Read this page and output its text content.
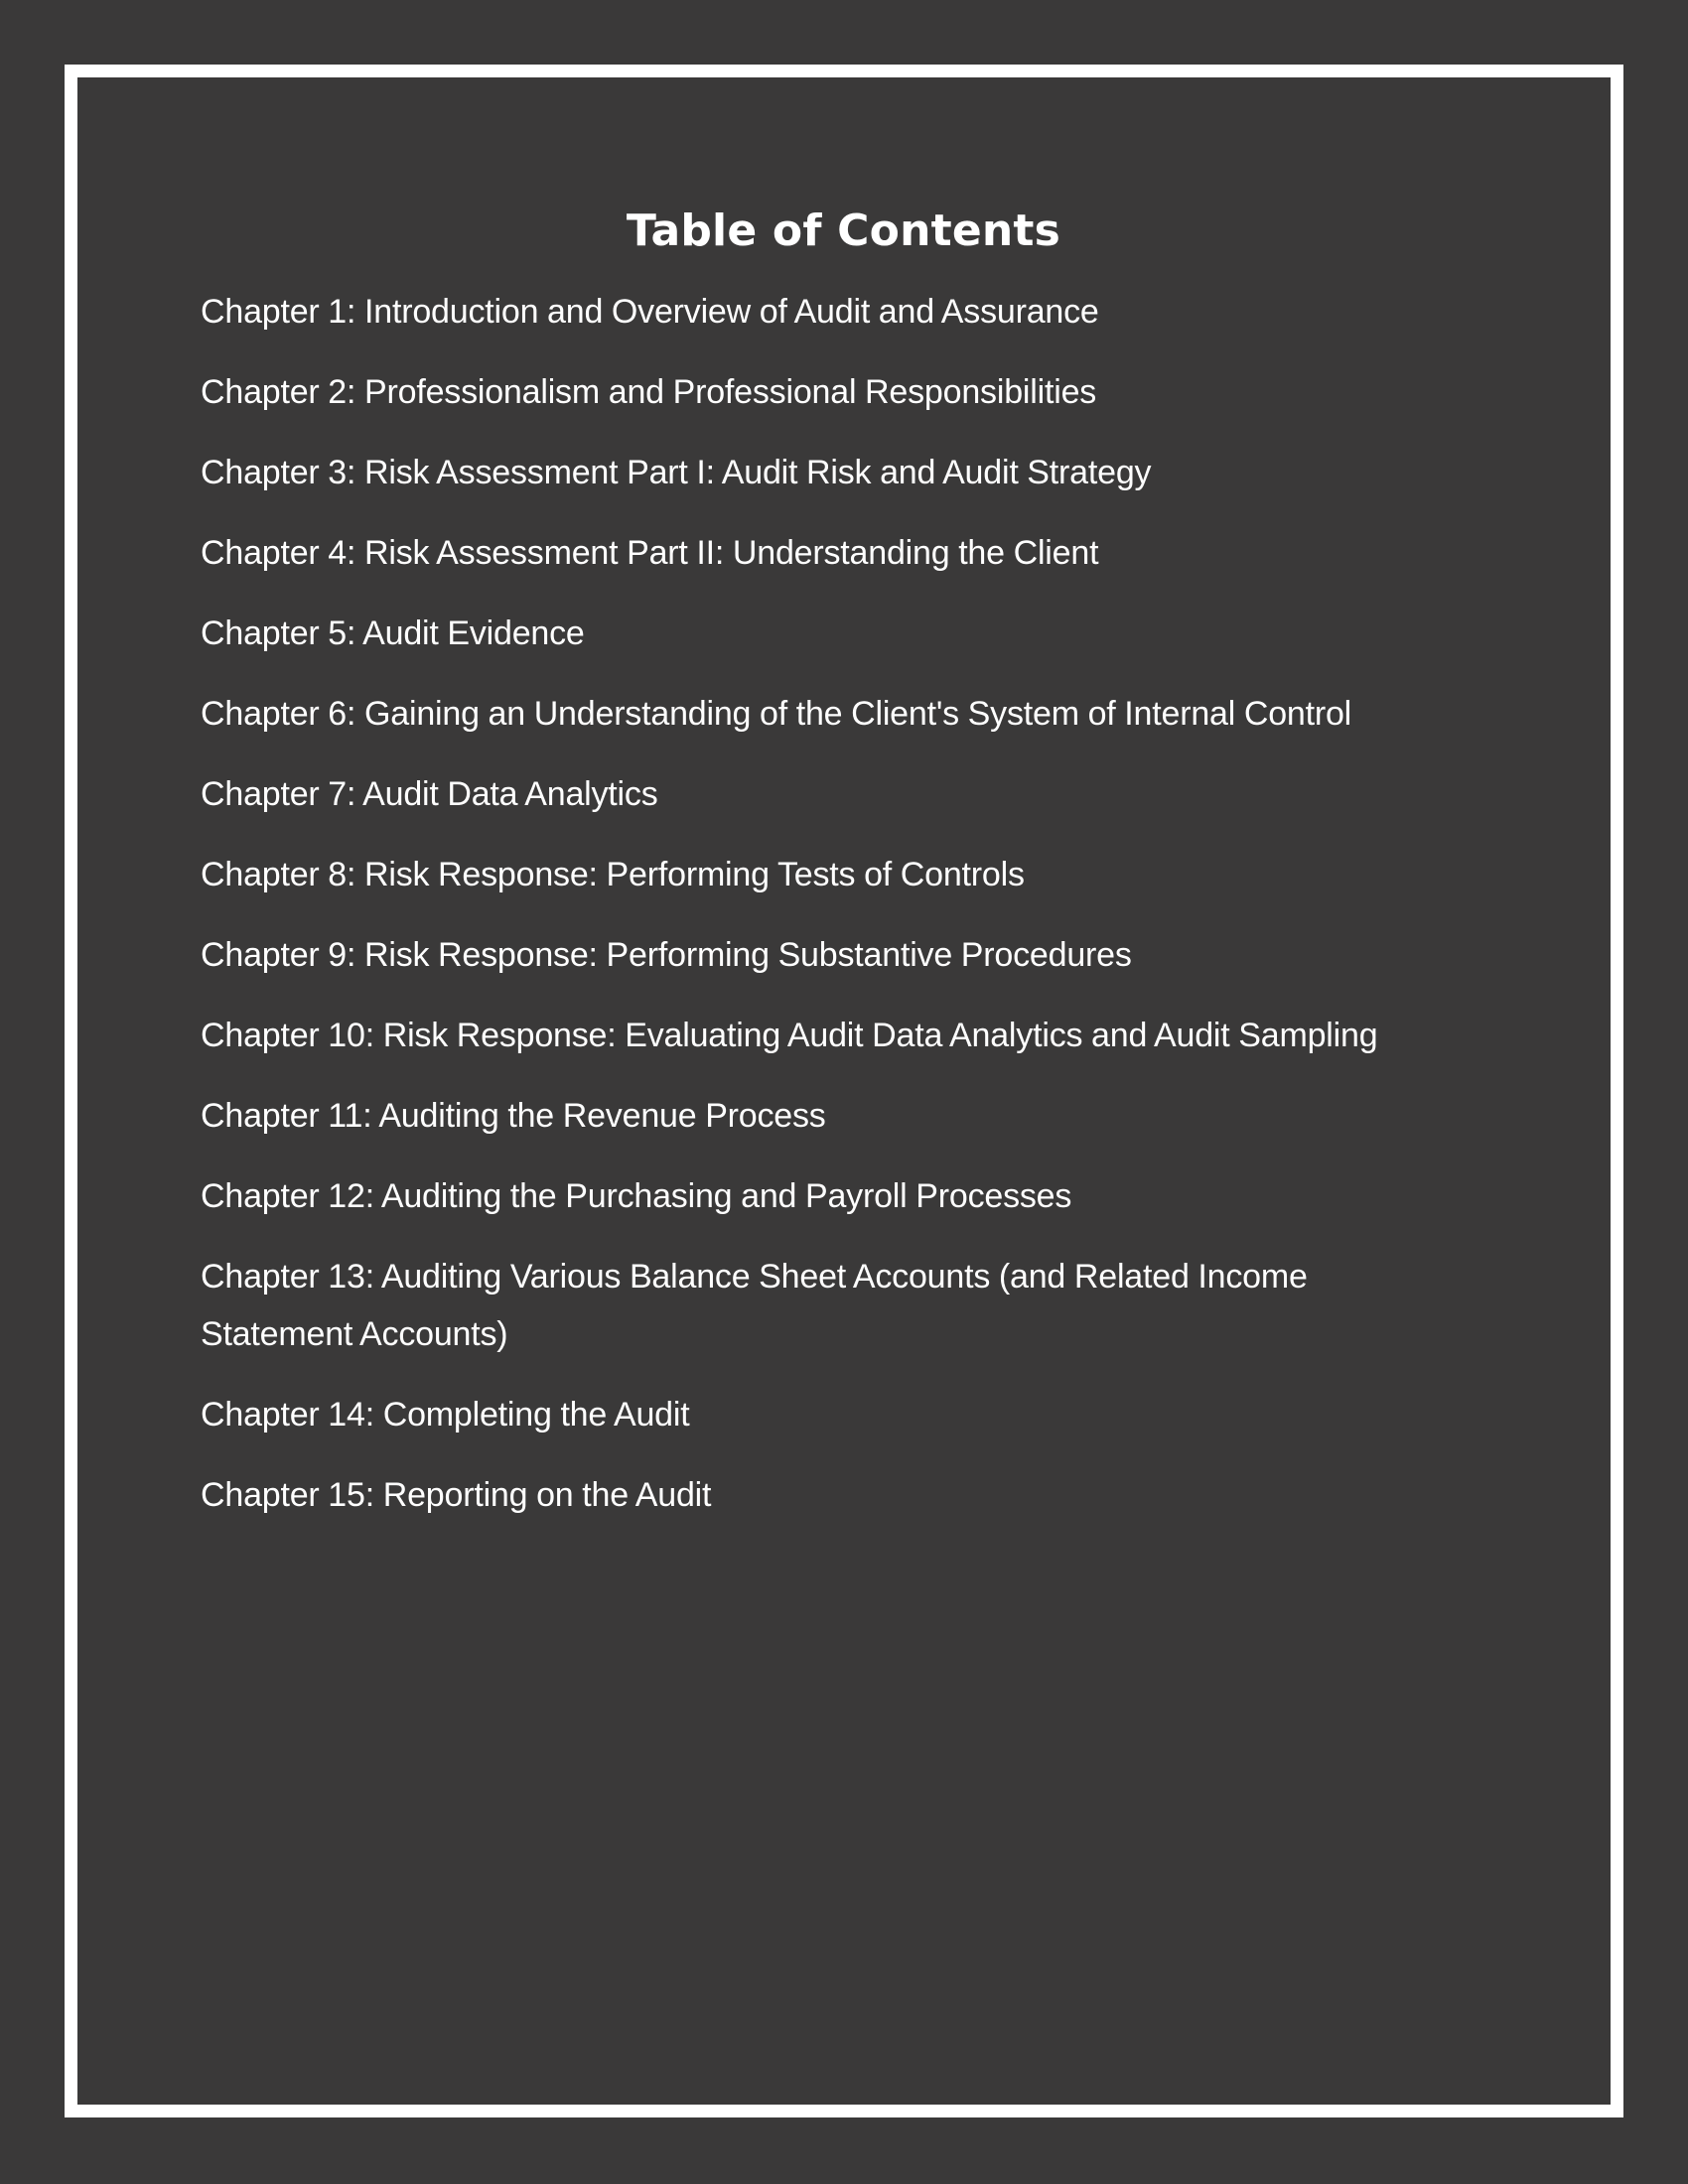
Table of Contents
Chapter 1: Introduction and Overview of Audit and Assurance
Chapter 2: Professionalism and Professional Responsibilities
Chapter 3: Risk Assessment Part I: Audit Risk and Audit Strategy
Chapter 4: Risk Assessment Part II: Understanding the Client
Chapter 5: Audit Evidence
Chapter 6: Gaining an Understanding of the Client's System of Internal Control
Chapter 7: Audit Data Analytics
Chapter 8: Risk Response: Performing Tests of Controls
Chapter 9: Risk Response: Performing Substantive Procedures
Chapter 10: Risk Response: Evaluating Audit Data Analytics and Audit Sampling
Chapter 11: Auditing the Revenue Process
Chapter 12: Auditing the Purchasing and Payroll Processes
Chapter 13: Auditing Various Balance Sheet Accounts (and Related Income Statement Accounts)
Chapter 14: Completing the Audit
Chapter 15: Reporting on the Audit
